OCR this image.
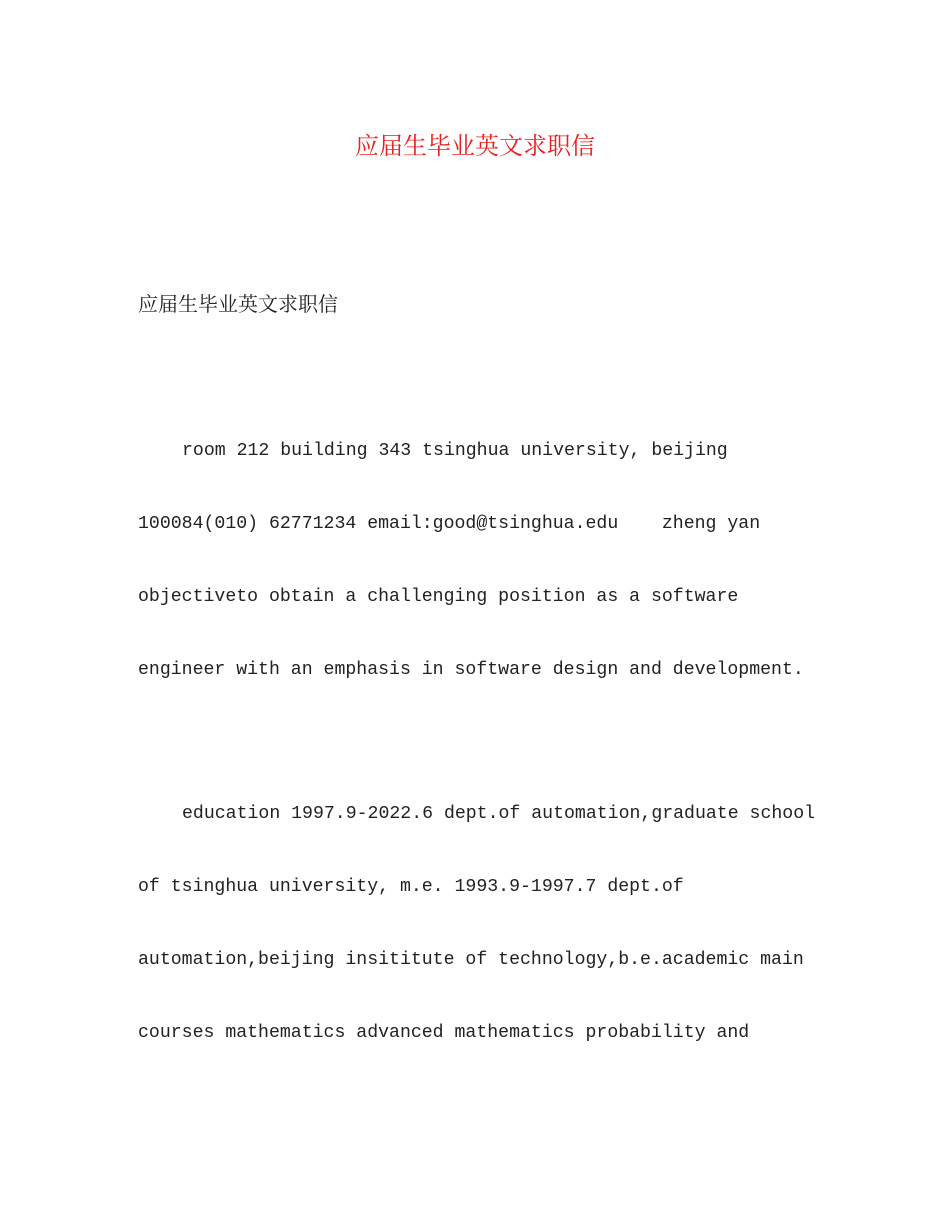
应届生毕业英文求职信
应届生毕业英文求职信
room 212 building 343 tsinghua university, beijing
100084(010) 62771234 email:good@tsinghua.edu    zheng yan
objectiveto obtain a challenging position as a software
engineer with an emphasis in software design and development.
education 1997.9-2022.6 dept.of automation,graduate school
of tsinghua university, m.e. 1993.9-1997.7 dept.of
automation,beijing insititute of technology,b.e.academic main
courses mathematics advanced mathematics probability and
